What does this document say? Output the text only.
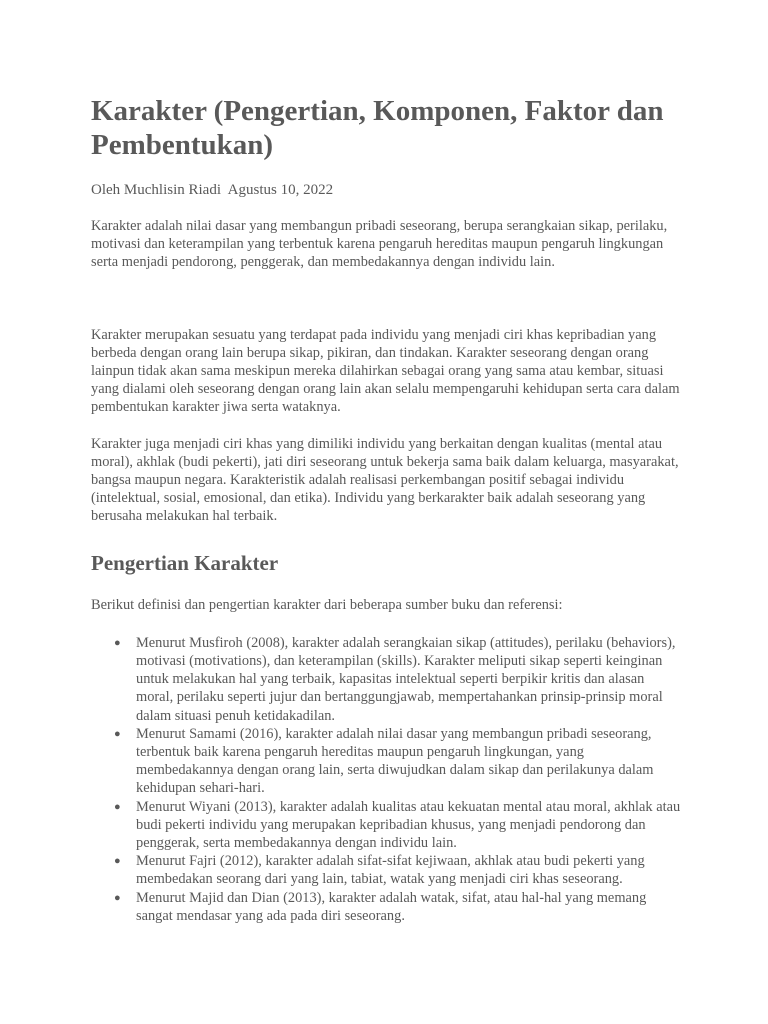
Karakter (Pengertian, Komponen, Faktor dan Pembentukan)
Oleh Muchlisin Riadi  Agustus 10, 2022

Karakter adalah nilai dasar yang membangun pribadi seseorang, berupa serangkaian sikap, perilaku, motivasi dan keterampilan yang terbentuk karena pengaruh hereditas maupun pengaruh lingkungan serta menjadi pendorong, penggerak, dan membedakannya dengan individu lain.

Karakter merupakan sesuatu yang terdapat pada individu yang menjadi ciri khas kepribadian yang berbeda dengan orang lain berupa sikap, pikiran, dan tindakan. Karakter seseorang dengan orang lainpun tidak akan sama meskipun mereka dilahirkan sebagai orang yang sama atau kembar, situasi yang dialami oleh seseorang dengan orang lain akan selalu mempengaruhi kehidupan serta cara dalam pembentukan karakter jiwa serta wataknya.

Karakter juga menjadi ciri khas yang dimiliki individu yang berkaitan dengan kualitas (mental atau moral), akhlak (budi pekerti), jati diri seseorang untuk bekerja sama baik dalam keluarga, masyarakat, bangsa maupun negara. Karakteristik adalah realisasi perkembangan positif sebagai individu (intelektual, sosial, emosional, dan etika). Individu yang berkarakter baik adalah seseorang yang berusaha melakukan hal terbaik.

Pengertian Karakter

Berikut definisi dan pengertian karakter dari beberapa sumber buku dan referensi:

● Menurut Musfiroh (2008), karakter adalah serangkaian sikap (attitudes), perilaku (behaviors), motivasi (motivations), dan keterampilan (skills). Karakter meliputi sikap seperti keinginan untuk melakukan hal yang terbaik, kapasitas intelektual seperti berpikir kritis dan alasan moral, perilaku seperti jujur dan bertanggungjawab, mempertahankan prinsip-prinsip moral dalam situasi penuh ketidakadilan.
● Menurut Samami (2016), karakter adalah nilai dasar yang membangun pribadi seseorang, terbentuk baik karena pengaruh hereditas maupun pengaruh lingkungan, yang membedakannya dengan orang lain, serta diwujudkan dalam sikap dan perilakunya dalam kehidupan sehari-hari.
● Menurut Wiyani (2013), karakter adalah kualitas atau kekuatan mental atau moral, akhlak atau budi pekerti individu yang merupakan kepribadian khusus, yang menjadi pendorong dan penggerak, serta membedakannya dengan individu lain.
● Menurut Fajri (2012), karakter adalah sifat-sifat kejiwaan, akhlak atau budi pekerti yang membedakan seorang dari yang lain, tabiat, watak yang menjadi ciri khas seseorang.
● Menurut Majid dan Dian (2013), karakter adalah watak, sifat, atau hal-hal yang memang sangat mendasar yang ada pada diri seseorang.
